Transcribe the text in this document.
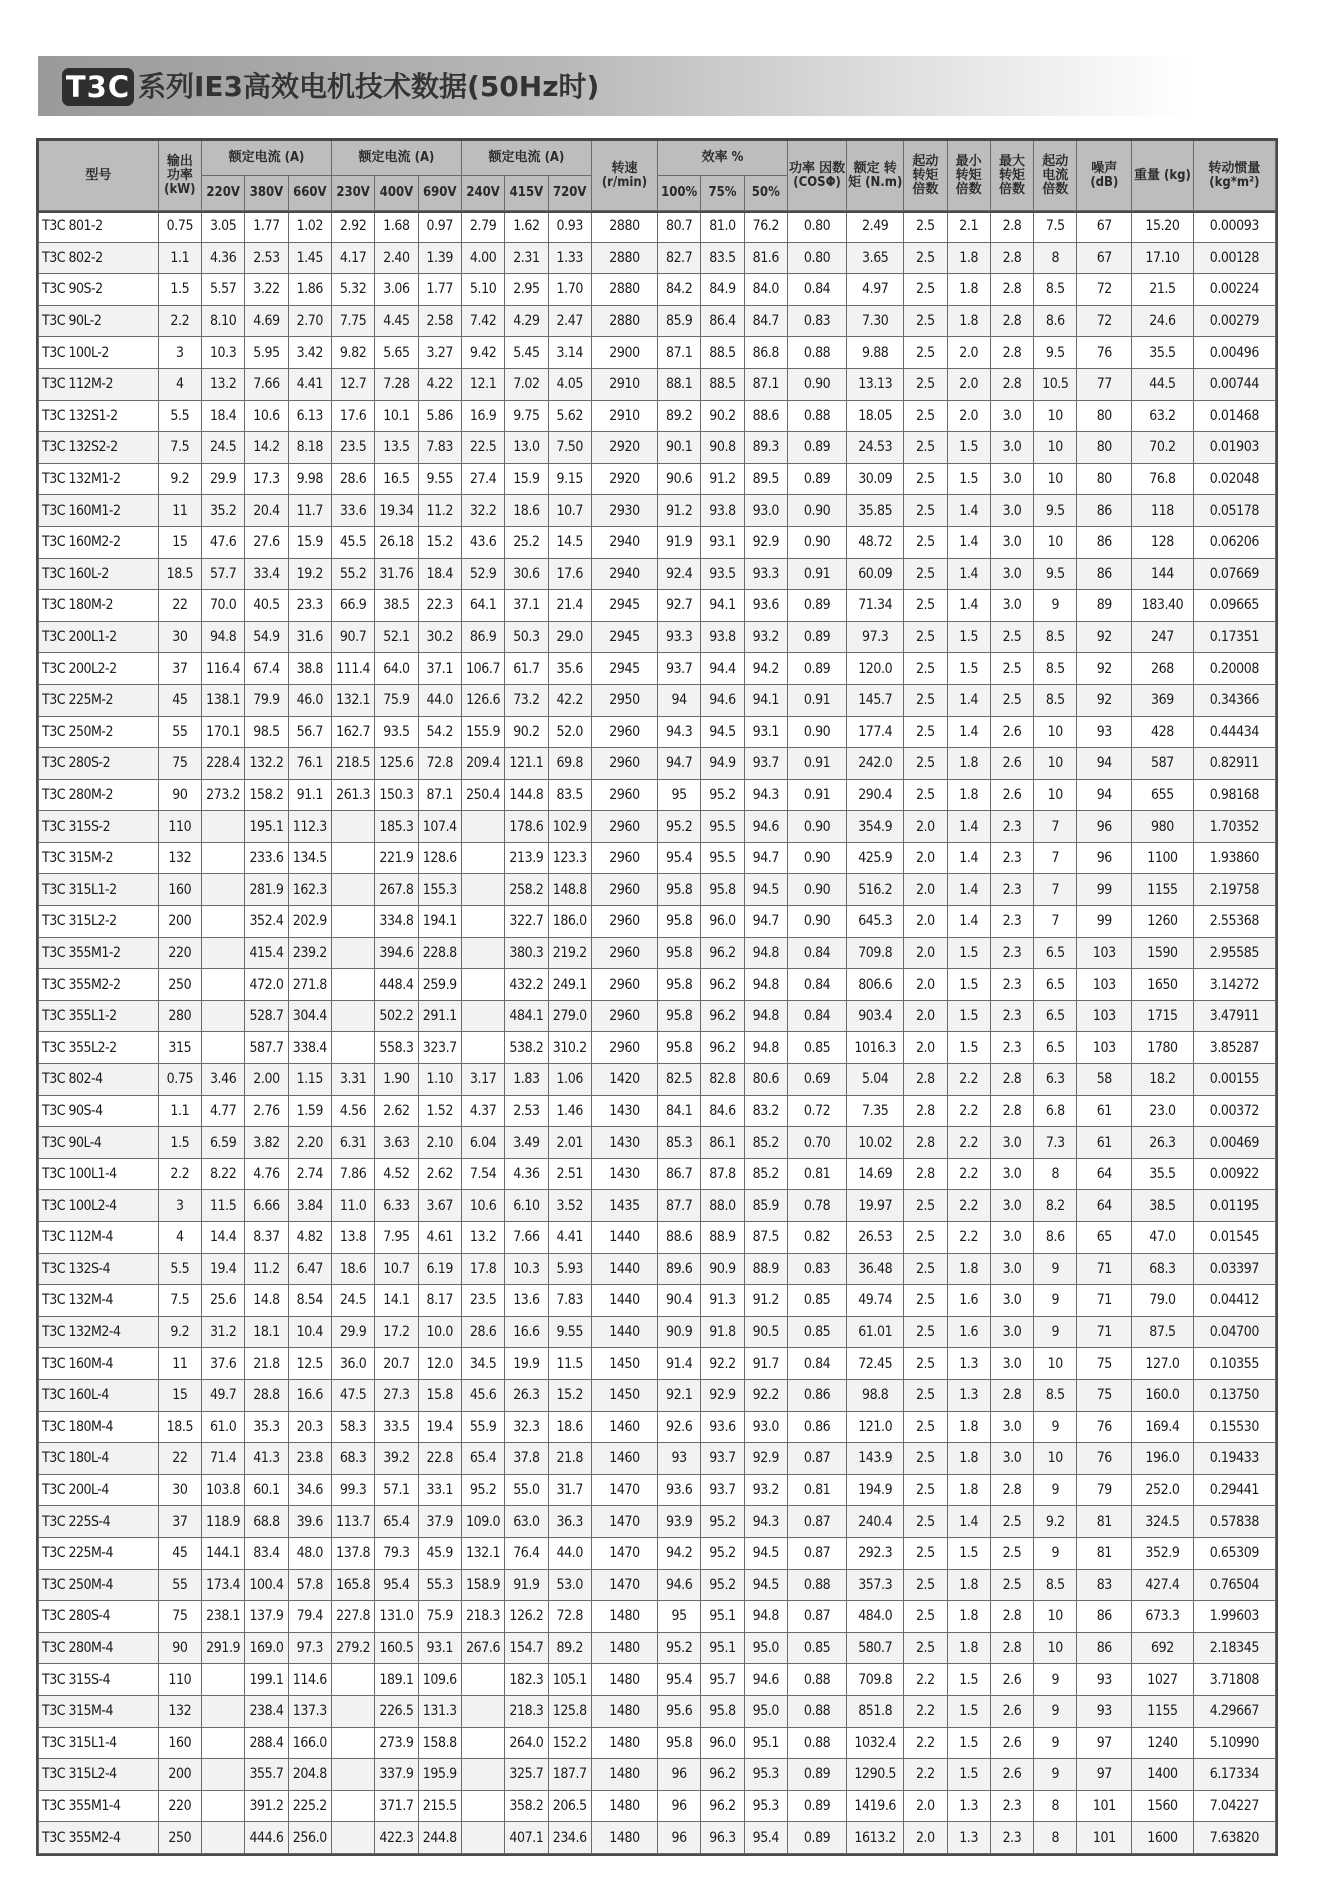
T3C 系列IE3高效电机技术数据(50Hz时)
型号	输出 功率 (kW)	额定电流 (A)			额定电流 (A)			额定电流 (A)			转速 (r/min)	效率 %			功率 因数 (COSΦ)	额定 转矩 (N.m)	起动 转矩 倍数	最小 转矩 倍数	最大 转矩 倍数	起动 电流 倍数	噪声 (dB)	重量 (kg)	转动惯量 (kg*m²)
		220V	380V	660V	230V	400V	690V	240V	415V	720V		100%	75%	50%									
T3C 801-2	0.75	3.05	1.77	1.02	2.92	1.68	0.97	2.79	1.62	0.93	2880	80.7	81.0	76.2	0.80	2.49	2.5	2.1	2.8	7.5	67	15.20	0.00093
T3C 802-2	1.1	4.36	2.53	1.45	4.17	2.40	1.39	4.00	2.31	1.33	2880	82.7	83.5	81.6	0.80	3.65	2.5	1.8	2.8	8	67	17.10	0.00128
T3C 90S-2	1.5	5.57	3.22	1.86	5.32	3.06	1.77	5.10	2.95	1.70	2880	84.2	84.9	84.0	0.84	4.97	2.5	1.8	2.8	8.5	72	21.5	0.00224
T3C 90L-2	2.2	8.10	4.69	2.70	7.75	4.45	2.58	7.42	4.29	2.47	2880	85.9	86.4	84.7	0.83	7.30	2.5	1.8	2.8	8.6	72	24.6	0.00279
T3C 100L-2	3	10.3	5.95	3.42	9.82	5.65	3.27	9.42	5.45	3.14	2900	87.1	88.5	86.8	0.88	9.88	2.5	2.0	2.8	9.5	76	35.5	0.00496
T3C 112M-2	4	13.2	7.66	4.41	12.7	7.28	4.22	12.1	7.02	4.05	2910	88.1	88.5	87.1	0.90	13.13	2.5	2.0	2.8	10.5	77	44.5	0.00744
T3C 132S1-2	5.5	18.4	10.6	6.13	17.6	10.1	5.86	16.9	9.75	5.62	2910	89.2	90.2	88.6	0.88	18.05	2.5	2.0	3.0	10	80	63.2	0.01468
T3C 132S2-2	7.5	24.5	14.2	8.18	23.5	13.5	7.83	22.5	13.0	7.50	2920	90.1	90.8	89.3	0.89	24.53	2.5	1.5	3.0	10	80	70.2	0.01903
T3C 132M1-2	9.2	29.9	17.3	9.98	28.6	16.5	9.55	27.4	15.9	9.15	2920	90.6	91.2	89.5	0.89	30.09	2.5	1.5	3.0	10	80	76.8	0.02048
T3C 160M1-2	11	35.2	20.4	11.7	33.6	19.34	11.2	32.2	18.6	10.7	2930	91.2	93.8	93.0	0.90	35.85	2.5	1.4	3.0	9.5	86	118	0.05178
T3C 160M2-2	15	47.6	27.6	15.9	45.5	26.18	15.2	43.6	25.2	14.5	2940	91.9	93.1	92.9	0.90	48.72	2.5	1.4	3.0	10	86	128	0.06206
T3C 160L-2	18.5	57.7	33.4	19.2	55.2	31.76	18.4	52.9	30.6	17.6	2940	92.4	93.5	93.3	0.91	60.09	2.5	1.4	3.0	9.5	86	144	0.07669
T3C 180M-2	22	70.0	40.5	23.3	66.9	38.5	22.3	64.1	37.1	21.4	2945	92.7	94.1	93.6	0.89	71.34	2.5	1.4	3.0	9	89	183.40	0.09665
T3C 200L1-2	30	94.8	54.9	31.6	90.7	52.1	30.2	86.9	50.3	29.0	2945	93.3	93.8	93.2	0.89	97.3	2.5	1.5	2.5	8.5	92	247	0.17351
T3C 200L2-2	37	116.4	67.4	38.8	111.4	64.0	37.1	106.7	61.7	35.6	2945	93.7	94.4	94.2	0.89	120.0	2.5	1.5	2.5	8.5	92	268	0.20008
T3C 225M-2	45	138.1	79.9	46.0	132.1	75.9	44.0	126.6	73.2	42.2	2950	94	94.6	94.1	0.91	145.7	2.5	1.4	2.5	8.5	92	369	0.34366
T3C 250M-2	55	170.1	98.5	56.7	162.7	93.5	54.2	155.9	90.2	52.0	2960	94.3	94.5	93.1	0.90	177.4	2.5	1.4	2.6	10	93	428	0.44434
T3C 280S-2	75	228.4	132.2	76.1	218.5	125.6	72.8	209.4	121.1	69.8	2960	94.7	94.9	93.7	0.91	242.0	2.5	1.8	2.6	10	94	587	0.82911
T3C 280M-2	90	273.2	158.2	91.1	261.3	150.3	87.1	250.4	144.8	83.5	2960	95	95.2	94.3	0.91	290.4	2.5	1.8	2.6	10	94	655	0.98168
T3C 315S-2	110		195.1	112.3		185.3	107.4		178.6	102.9	2960	95.2	95.5	94.6	0.90	354.9	2.0	1.4	2.3	7	96	980	1.70352
T3C 315M-2	132		233.6	134.5		221.9	128.6		213.9	123.3	2960	95.4	95.5	94.7	0.90	425.9	2.0	1.4	2.3	7	96	1100	1.93860
T3C 315L1-2	160		281.9	162.3		267.8	155.3		258.2	148.8	2960	95.8	95.8	94.5	0.90	516.2	2.0	1.4	2.3	7	99	1155	2.19758
T3C 315L2-2	200		352.4	202.9		334.8	194.1		322.7	186.0	2960	95.8	96.0	94.7	0.90	645.3	2.0	1.4	2.3	7	99	1260	2.55368
T3C 355M1-2	220		415.4	239.2		394.6	228.8		380.3	219.2	2960	95.8	96.2	94.8	0.84	709.8	2.0	1.5	2.3	6.5	103	1590	2.95585
T3C 355M2-2	250		472.0	271.8		448.4	259.9		432.2	249.1	2960	95.8	96.2	94.8	0.84	806.6	2.0	1.5	2.3	6.5	103	1650	3.14272
T3C 355L1-2	280		528.7	304.4		502.2	291.1		484.1	279.0	2960	95.8	96.2	94.8	0.84	903.4	2.0	1.5	2.3	6.5	103	1715	3.47911
T3C 355L2-2	315		587.7	338.4		558.3	323.7		538.2	310.2	2960	95.8	96.2	94.8	0.85	1016.3	2.0	1.5	2.3	6.5	103	1780	3.85287
T3C 802-4	0.75	3.46	2.00	1.15	3.31	1.90	1.10	3.17	1.83	1.06	1420	82.5	82.8	80.6	0.69	5.04	2.8	2.2	2.8	6.3	58	18.2	0.00155
T3C 90S-4	1.1	4.77	2.76	1.59	4.56	2.62	1.52	4.37	2.53	1.46	1430	84.1	84.6	83.2	0.72	7.35	2.8	2.2	2.8	6.8	61	23.0	0.00372
T3C 90L-4	1.5	6.59	3.82	2.20	6.31	3.63	2.10	6.04	3.49	2.01	1430	85.3	86.1	85.2	0.70	10.02	2.8	2.2	3.0	7.3	61	26.3	0.00469
T3C 100L1-4	2.2	8.22	4.76	2.74	7.86	4.52	2.62	7.54	4.36	2.51	1430	86.7	87.8	85.2	0.81	14.69	2.8	2.2	3.0	8	64	35.5	0.00922
T3C 100L2-4	3	11.5	6.66	3.84	11.0	6.33	3.67	10.6	6.10	3.52	1435	87.7	88.0	85.9	0.78	19.97	2.5	2.2	3.0	8.2	64	38.5	0.01195
T3C 112M-4	4	14.4	8.37	4.82	13.8	7.95	4.61	13.2	7.66	4.41	1440	88.6	88.9	87.5	0.82	26.53	2.5	2.2	3.0	8.6	65	47.0	0.01545
T3C 132S-4	5.5	19.4	11.2	6.47	18.6	10.7	6.19	17.8	10.3	5.93	1440	89.6	90.9	88.9	0.83	36.48	2.5	1.8	3.0	9	71	68.3	0.03397
T3C 132M-4	7.5	25.6	14.8	8.54	24.5	14.1	8.17	23.5	13.6	7.83	1440	90.4	91.3	91.2	0.85	49.74	2.5	1.6	3.0	9	71	79.0	0.04412
T3C 132M2-4	9.2	31.2	18.1	10.4	29.9	17.2	10.0	28.6	16.6	9.55	1440	90.9	91.8	90.5	0.85	61.01	2.5	1.6	3.0	9	71	87.5	0.04700
T3C 160M-4	11	37.6	21.8	12.5	36.0	20.7	12.0	34.5	19.9	11.5	1450	91.4	92.2	91.7	0.84	72.45	2.5	1.3	3.0	10	75	127.0	0.10355
T3C 160L-4	15	49.7	28.8	16.6	47.5	27.3	15.8	45.6	26.3	15.2	1450	92.1	92.9	92.2	0.86	98.8	2.5	1.3	2.8	8.5	75	160.0	0.13750
T3C 180M-4	18.5	61.0	35.3	20.3	58.3	33.5	19.4	55.9	32.3	18.6	1460	92.6	93.6	93.0	0.86	121.0	2.5	1.8	3.0	9	76	169.4	0.15530
T3C 180L-4	22	71.4	41.3	23.8	68.3	39.2	22.8	65.4	37.8	21.8	1460	93	93.7	92.9	0.87	143.9	2.5	1.8	3.0	10	76	196.0	0.19433
T3C 200L-4	30	103.8	60.1	34.6	99.3	57.1	33.1	95.2	55.0	31.7	1470	93.6	93.7	93.2	0.81	194.9	2.5	1.8	2.8	9	79	252.0	0.29441
T3C 225S-4	37	118.9	68.8	39.6	113.7	65.4	37.9	109.0	63.0	36.3	1470	93.9	95.2	94.3	0.87	240.4	2.5	1.4	2.5	9.2	81	324.5	0.57838
T3C 225M-4	45	144.1	83.4	48.0	137.8	79.3	45.9	132.1	76.4	44.0	1470	94.2	95.2	94.5	0.87	292.3	2.5	1.5	2.5	9	81	352.9	0.65309
T3C 250M-4	55	173.4	100.4	57.8	165.8	95.4	55.3	158.9	91.9	53.0	1470	94.6	95.2	94.5	0.88	357.3	2.5	1.8	2.5	8.5	83	427.4	0.76504
T3C 280S-4	75	238.1	137.9	79.4	227.8	131.0	75.9	218.3	126.2	72.8	1480	95	95.1	94.8	0.87	484.0	2.5	1.8	2.8	10	86	673.3	1.99603
T3C 280M-4	90	291.9	169.0	97.3	279.2	160.5	93.1	267.6	154.7	89.2	1480	95.2	95.1	95.0	0.85	580.7	2.5	1.8	2.8	10	86	692	2.18345
T3C 315S-4	110		199.1	114.6		189.1	109.6		182.3	105.1	1480	95.4	95.7	94.6	0.88	709.8	2.2	1.5	2.6	9	93	1027	3.71808
T3C 315M-4	132		238.4	137.3		226.5	131.3		218.3	125.8	1480	95.6	95.8	95.0	0.88	851.8	2.2	1.5	2.6	9	93	1155	4.29667
T3C 315L1-4	160		288.4	166.0		273.9	158.8		264.0	152.2	1480	95.8	96.0	95.1	0.88	1032.4	2.2	1.5	2.6	9	97	1240	5.10990
T3C 315L2-4	200		355.7	204.8		337.9	195.9		325.7	187.7	1480	96	96.2	95.3	0.89	1290.5	2.2	1.5	2.6	9	97	1400	6.17334
T3C 355M1-4	220		391.2	225.2		371.7	215.5		358.2	206.5	1480	96	96.2	95.3	0.89	1419.6	2.0	1.3	2.3	8	101	1560	7.04227
T3C 355M2-4	250		444.6	256.0		422.3	244.8		407.1	234.6	1480	96	96.3	95.4	0.89	1613.2	2.0	1.3	2.3	8	101	1600	7.63820
